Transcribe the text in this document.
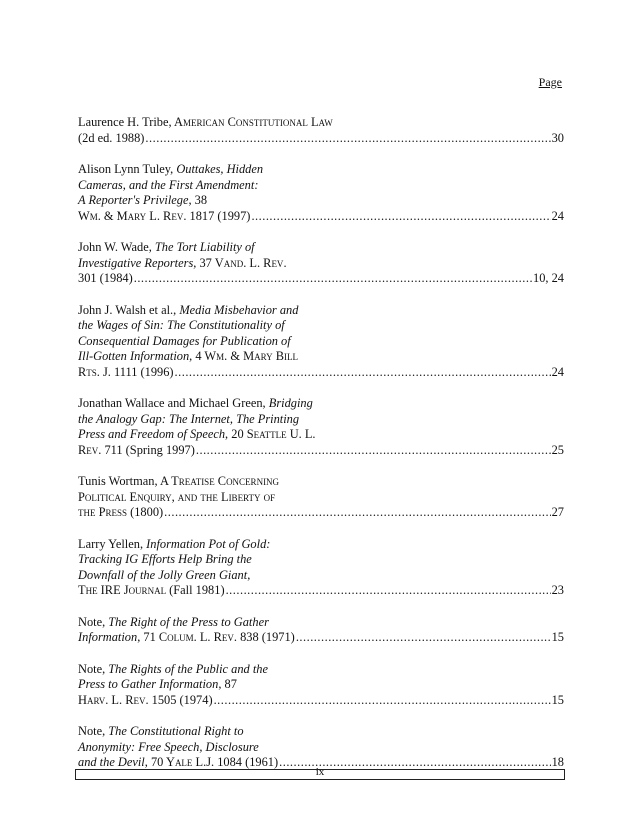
Page
Laurence H. Tribe, American Constitutional Law
(2d ed. 1988) .....	30
Alison Lynn Tuley, Outtakes, Hidden
Cameras, and the First Amendment:
A Reporter's Privilege, 38
Wm. & Mary L. Rev. 1817 (1997) .....	24
John W. Wade, The Tort Liability of
Investigative Reporters, 37 Vand. L. Rev.
301 (1984) .....	10, 24
John J. Walsh et al., Media Misbehavior and
the Wages of Sin: The Constitutionality of
Consequential Damages for Publication of
Ill-Gotten Information, 4 Wm. & Mary Bill
Rts. J. 1111 (1996) .....	24
Jonathan Wallace and Michael Green, Bridging
the Analogy Gap: The Internet, The Printing
Press and Freedom of Speech, 20 Seattle U. L.
Rev. 711 (Spring 1997) .....	25
Tunis Wortman, A Treatise Concerning
Political Enquiry, and the Liberty of
the Press (1800) .....	27
Larry Yellen, Information Pot of Gold:
Tracking IG Efforts Help Bring the
Downfall of the Jolly Green Giant,
The IRE Journal (Fall 1981) .....	23
Note, The Right of the Press to Gather
Information, 71 Colum. L. Rev. 838 (1971) .....	15
Note, The Rights of the Public and the
Press to Gather Information, 87
Harv. L. Rev. 1505 (1974) .....	15
Note, The Constitutional Right to
Anonymity: Free Speech, Disclosure
and the Devil, 70 Yale L.J. 1084 (1961) .....	18
ix
